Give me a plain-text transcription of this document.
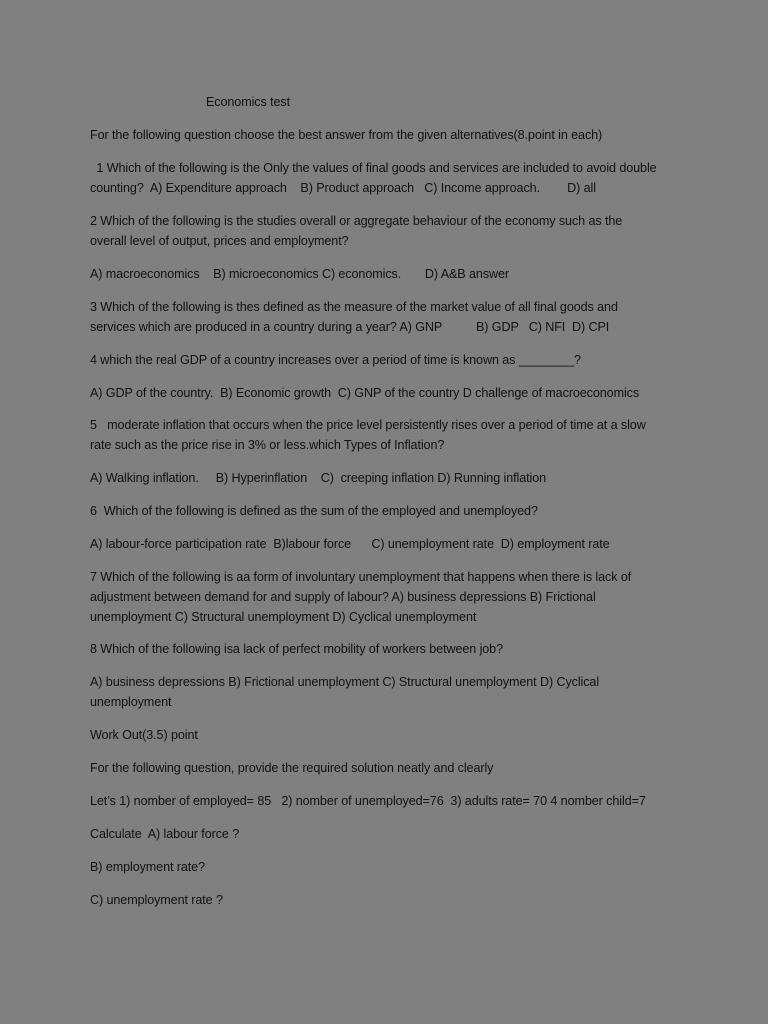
Economics test

For the following question choose the best answer from the given alternatives(8.point in each)

1 Which of the following is the Only the values of final goods and services are included to avoid double

counting?  A) Expenditure approach    B) Product approach   C) Income approach.        D) all

2 Which of the following is the studies overall or aggregate behaviour of the economy such as the

overall level of output, prices and employment?

A) macroeconomics    B) microeconomics C) economics.       D) A&B answer

3 Which of the following is thes defined as the measure of the market value of all final goods and

services which are produced in a country during a year? A) GNP          B) GDP   C) NFI  D) CPI

4 which the real GDP of a country increases over a period of time is known as ________?

A) GDP of the country.  B) Economic growth  C) GNP of the country D challenge of macroeconomics

5   moderate inflation that occurs when the price level persistently rises over a period of time at a slow

rate such as the price rise in 3% or less.which Types of Inflation?

A) Walking inflation.     B) Hyperinflation    C)  creeping inflation D) Running inflation

6  Which of the following is defined as the sum of the employed and unemployed?

A) labour-force participation rate  B)labour force      C) unemployment rate  D) employment rate

7 Which of the following is aa form of involuntary unemployment that happens when there is lack of

adjustment between demand for and supply of labour? A) business depressions B) Frictional

unemployment C) Structural unemployment D) Cyclical unemployment

8 Which of the following isa lack of perfect mobility of workers between job?

A) business depressions B) Frictional unemployment C) Structural unemployment D) Cyclical

unemployment

Work Out(3.5) point

For the following question, provide the required solution neatly and clearly

Let’s 1) nomber of employed= 85   2) nomber of unemployed=76  3) adults rate= 70 4 nomber child=7

Calculate  A) labour force ?

B) employment rate?

C) unemployment rate ?
